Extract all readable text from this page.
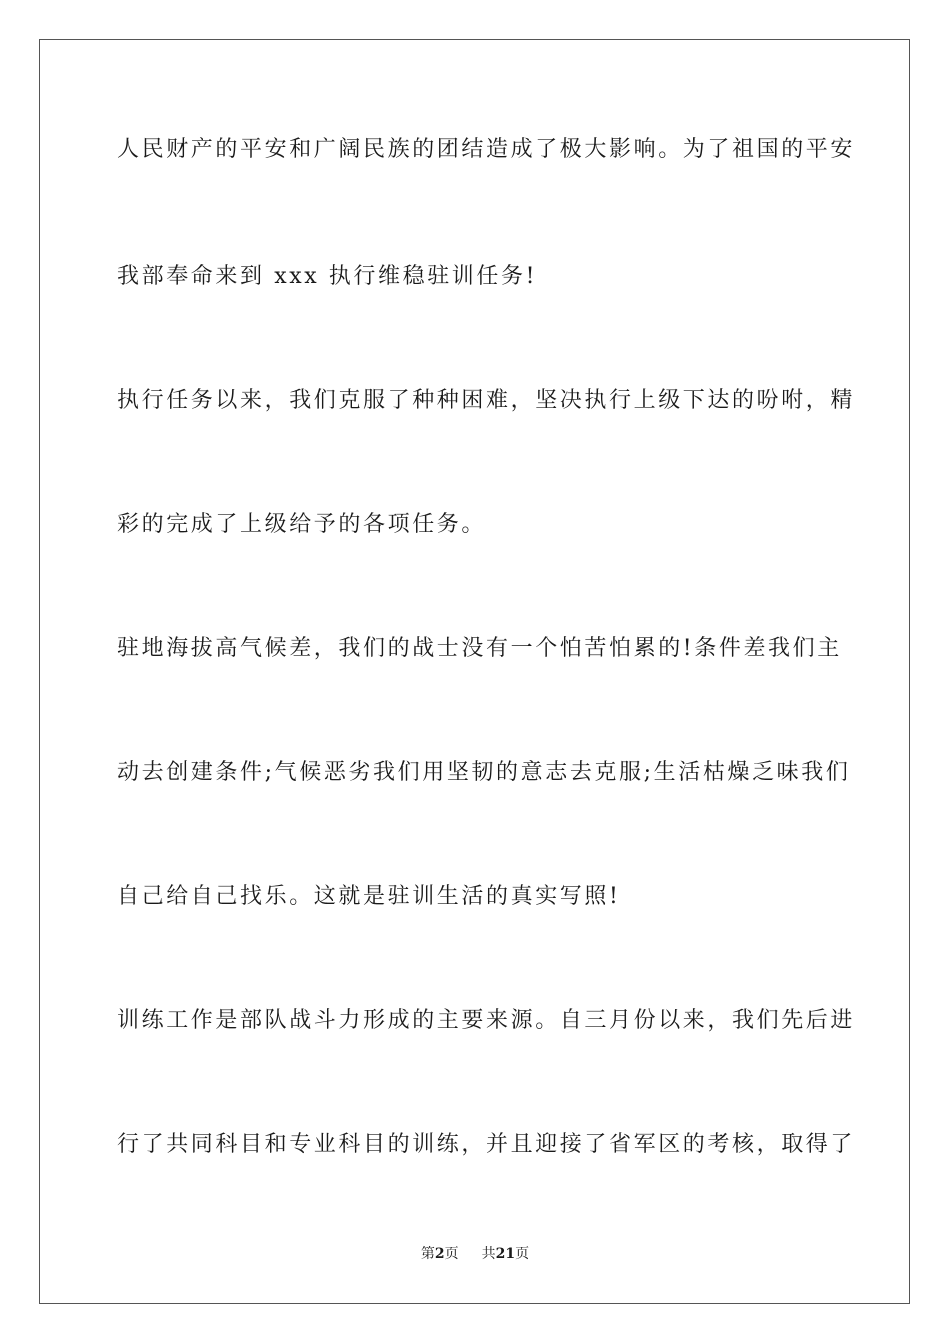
人民财产的平安和广阔民族的团结造成了极大影响。为了祖国的平安
我部奉命来到 xxx 执行维稳驻训任务!
执行任务以来，我们克服了种种困难，坚决执行上级下达的吩咐，精
彩的完成了上级给予的各项任务。
驻地海拔高气候差，我们的战士没有一个怕苦怕累的!条件差我们主
动去创建条件;气候恶劣我们用坚韧的意志去克服;生活枯燥乏味我们
自己给自己找乐。这就是驻训生活的真实写照!
训练工作是部队战斗力形成的主要来源。自三月份以来，我们先后进
行了共同科目和专业科目的训练，并且迎接了省军区的考核，取得了
第2页 共21页
